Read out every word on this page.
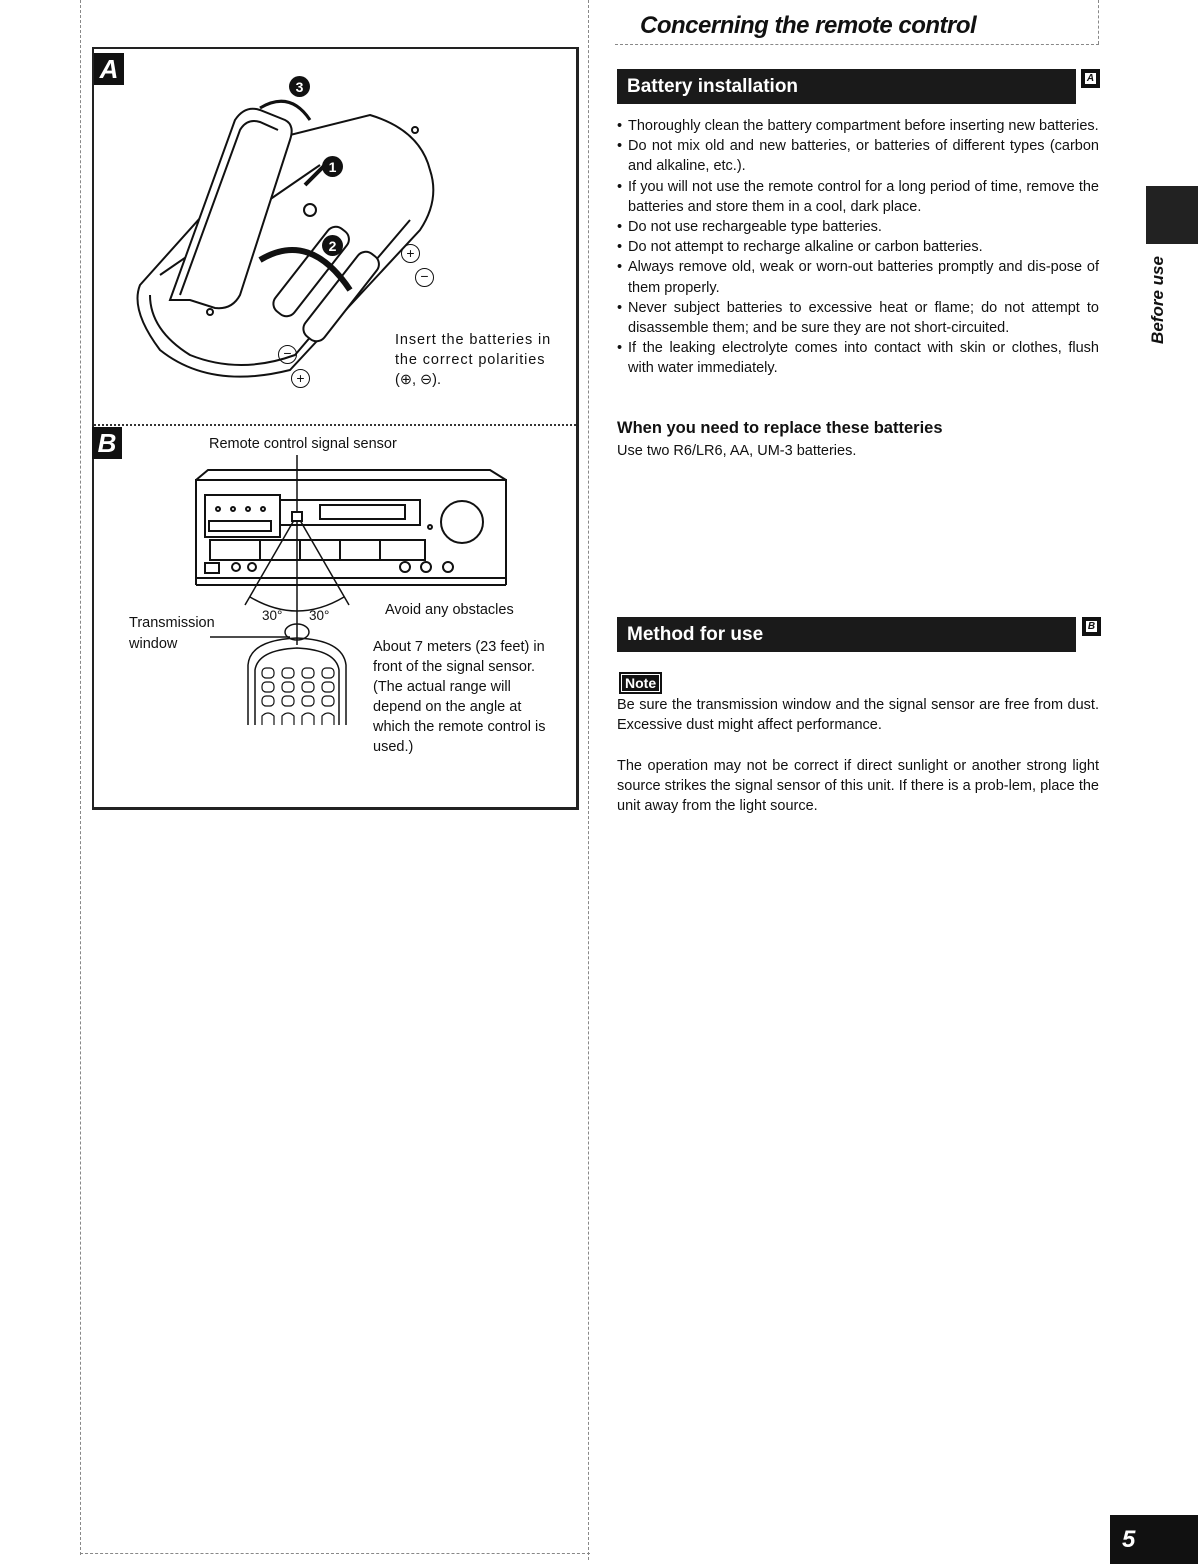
Concerning the remote control
A
B
3
1
2	+
−
−
+
Insert the batteries in
the correct polarities
(⊕, ⊖).
Remote control signal sensor
30° 30°	Avoid any obstacles
Transmission
window	About 7 meters (23 feet) in
front of the signal sensor.
(The actual range will
depend on the angle at
which the remote control is
used.)
Battery installation	A
• Thoroughly clean the battery compartment before inserting new batteries.
• Do not mix old and new batteries, or batteries of different types (carbon and alkaline, etc.).
• If you will not use the remote control for a long period of time, remove the batteries and store them in a cool, dark place.
• Do not use rechargeable type batteries.
• Do not attempt to recharge alkaline or carbon batteries.
• Always remove old, weak or worn-out batteries promptly and dis-pose of them properly.
• Never subject batteries to excessive heat or flame; do not attempt to disassemble them; and be sure they are not short-circuited.
• If the leaking electrolyte comes into contact with skin or clothes, flush with water immediately.
When you need to replace these batteries

Use two R6/LR6, AA, UM-3 batteries.

Method for use	B
Note

Be sure the transmission window and the signal sensor are free from dust. Excessive dust might affect performance.

The operation may not be correct if direct sunlight or another strong light source strikes the signal sensor of this unit. If there is a prob-lem, place the unit away from the light source.

Before use
5
